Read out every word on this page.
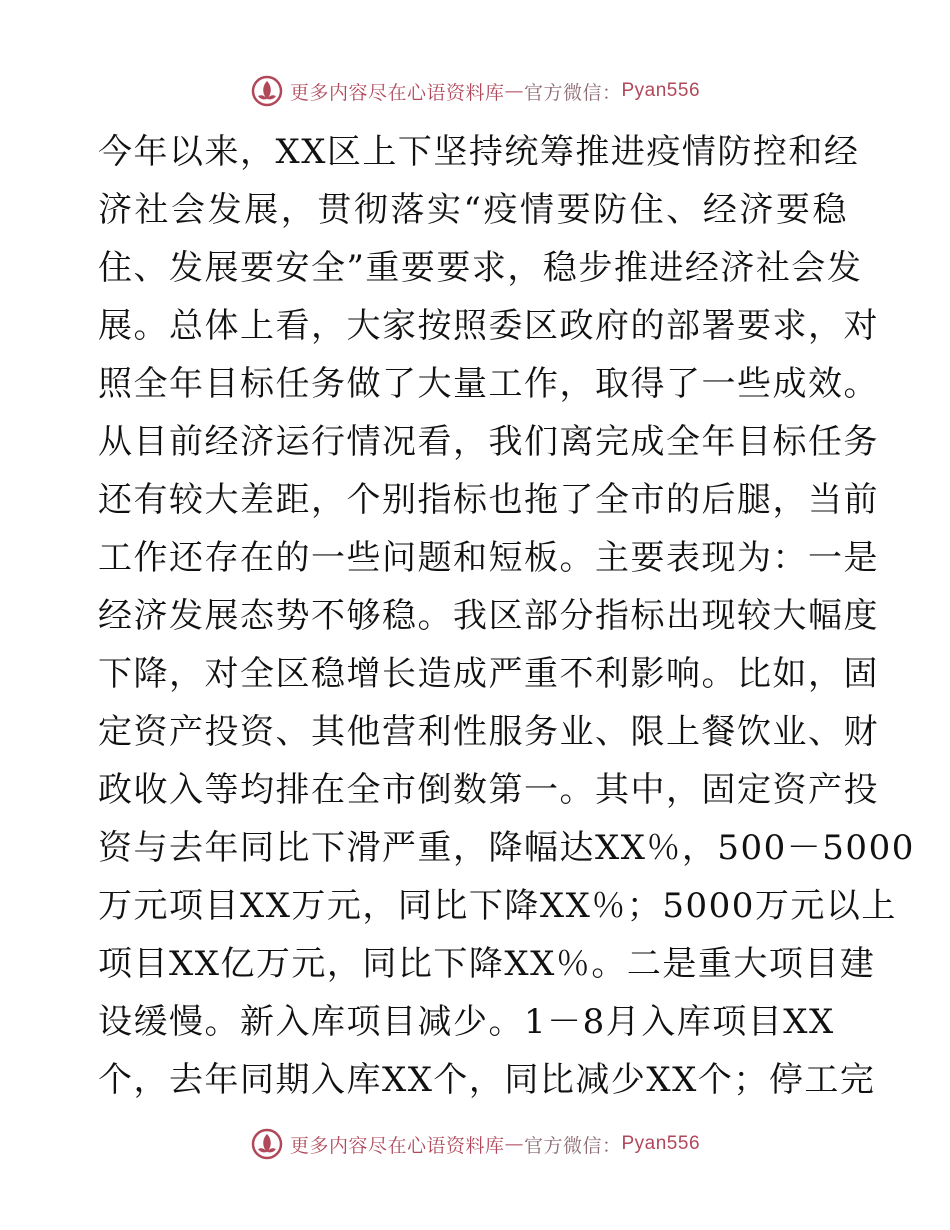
更多内容尽在心语资料库 — 官方微信： Pyan556
今年以来，XX区上下坚持统筹推进疫情防控和经
济社会发展，贯彻落实“疫情要防住、经济要稳
住、发展要安全”重要要求，稳步推进经济社会发
展。总体上看，大家按照委区政府的部署要求，对
照全年目标任务做了大量工作，取得了一些成效。
从目前经济运行情况看，我们离完成全年目标任务
还有较大差距，个别指标也拖了全市的后腿，当前
工作还存在的一些问题和短板。主要表现为：一是
经济发展态势不够稳。我区部分指标出现较大幅度
下降，对全区稳增长造成严重不利影响。比如，固
定资产投资、其他营利性服务业、限上餐饮业、财
政收入等均排在全市倒数第一。其中，固定资产投
资与去年同比下滑严重，降幅达XX％，500－5000
万元项目XX万元，同比下降XX％；5000万元以上
项目XX亿万元，同比下降XX％。二是重大项目建
设缓慢。新入库项目减少。1－8月入库项目XX
个，去年同期入库XX个，同比减少XX个；停工完
更多内容尽在心语资料库 — 官方微信： Pyan556
